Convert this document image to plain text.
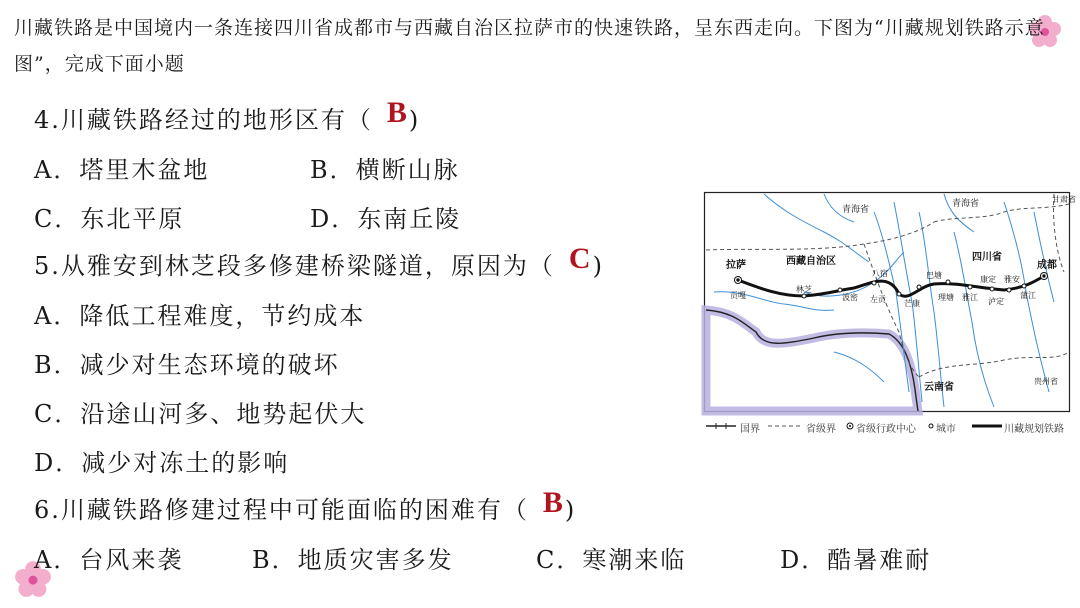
川藏铁路是中国境内一条连接四川省成都市与西藏自治区拉萨市的快速铁路，呈东西走向。下图为“川藏规划铁路示意图”，完成下面小题

4.川藏铁路经过的地形区有（ B)
A．塔里木盆地	B．横断山脉
C．东北平原	D．东南丘陵
5.从雅安到林芝段多修建桥梁隧道，原因为（ C)
A．降低工程难度，节约成本
B．减少对生态环境的破坏
C．沿途山河多、地势起伏大
D．减少对冻土的影响
6.川藏铁路修建过程中可能面临的困难有（ B)
A．台风来袭	B．地质灾害多发	C．寒潮来临	D．酷暑难耐
青海省
青海省	甘肃省
西藏自治区	四川省
云南省
贵州省
拉萨	成都
贡嘎
林芝
波密
八宿
左贡
巴塘
芒康
理塘
康定
雅江
雅安
泸定
蒲江
国界	省级界 省级行政中心 城市	川藏规划铁路
